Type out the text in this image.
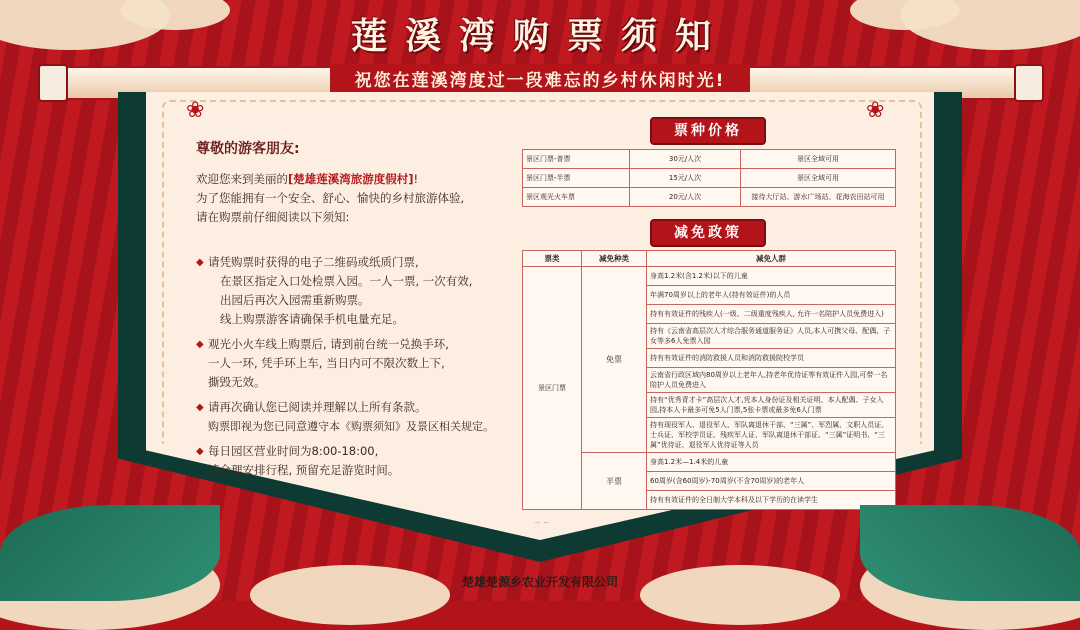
莲溪湾购票须知
祝您在莲溪湾度过一段难忘的乡村休闲时光!
❀	❀
尊敬的游客朋友:
欢迎您来到美丽的[楚雄莲溪湾旅游度假村]!
为了您能拥有一个安全、舒心、愉快的乡村旅游体验,
请在购票前仔细阅读以下须知:
◆ 请凭购票时获得的电子二维码或纸质门票,
在景区指定入口处检票入园。一人一票, 一次有效,
出园后再次入园需重新购票。
线上购票游客请确保手机电量充足。
◆ 观光小火车线上购票后, 请到前台统一兑换手环,
一人一环, 凭手环上车, 当日内可不限次数上下,
撕毁无效。
◆ 请再次确认您已阅读并理解以上所有条款。
购票即视为您已同意遵守本《购票须知》及景区相关规定。
◆ 每日园区营业时间为8:00-18:00,
请合理安排行程, 预留充足游览时间。
票种价格
景区门票-普票	30元/人次	景区全域可用
景区门票-半票	15元/人次	景区全域可用
景区观光火车票	20元/人次	接待大厅站、游水广场站、花海农田站可用
减免政策
票类	减免种类	减免人群
景区门票	免票	身高1.2米(含1.2米)以下的儿童
		年满70周岁以上的老年人(持有效证件)的人员
		持有有效证件的残疾人(一级、二级重度残疾人, 允许一名陪护人员免费进入)
		持有《云南省高层次人才综合服务通道服务证》人员,本人可携父母、配偶、子女等多6人免票入园
		持有有效证件的消防救援人员和消防救援院校学员
		云南省行政区域内80周岁以上老年人,持老年优待证等有效证件入园,可带一名陪护人员免费进入
		持有“优秀青才卡”高层次人才,凭本人身份证及相关证明、本人配偶、子女入园,持本人卡最多可免5人门票,5张卡票或最多免6人门票
		持有现役军人、退役军人、军队离退休干部、“三属”、军烈属、文职人员证、士兵证、军校学员证、残疾军人证、军队离退休干部证、“三属”证明书、“三属”优待证、退役军人优待证等人员
	半票	身高1.2米—1.4米的儿童
		60周岁(含60周岁)-70周岁(不含70周岁)的老年人
		持有有效证件的全日制大学本科及以下学历的在读学生
楚雄楚源乡农业开发有限公司
